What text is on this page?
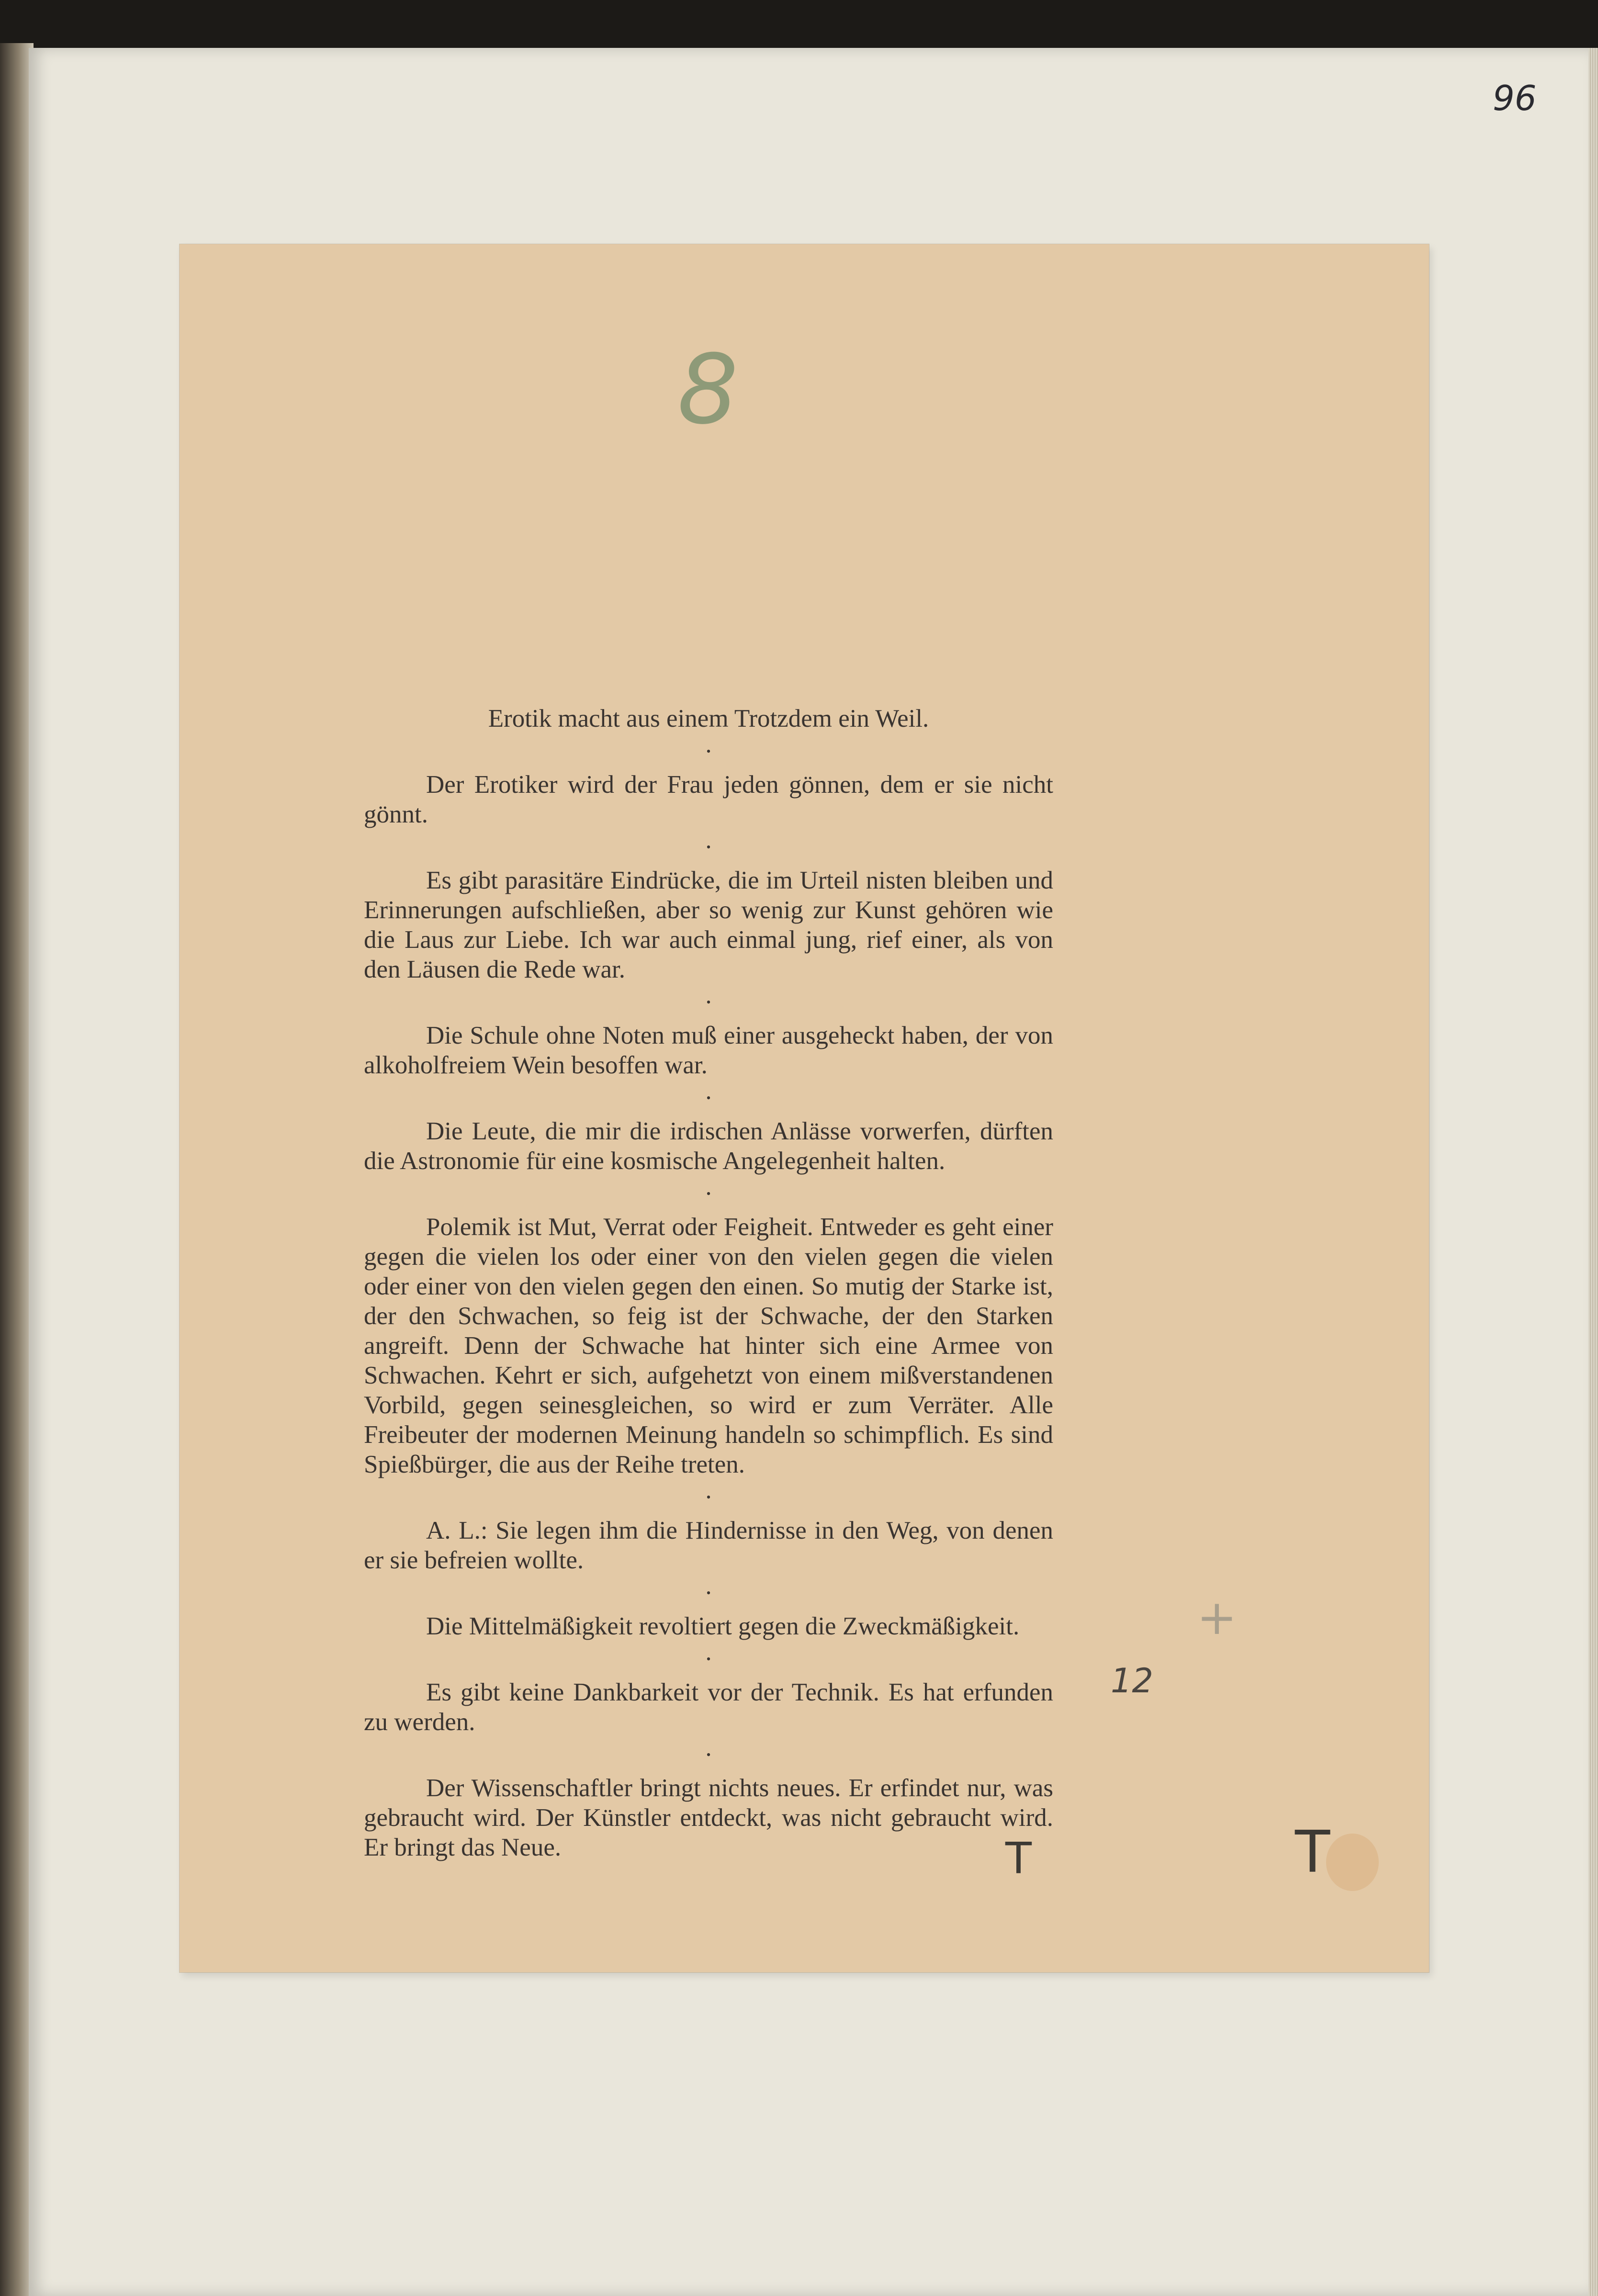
96
8

Erotik macht aus einem Trotzdem ein Weil.

•

Der Erotiker wird der Frau jeden gönnen, dem er sie nicht gönnt.

•

Es gibt parasitäre Eindrücke, die im Urteil nisten bleiben und Erinnerungen aufschließen, aber so wenig zur Kunst gehören wie die Laus zur Liebe. Ich war auch einmal jung, rief einer, als von den Läusen die Rede war.

•

Die Schule ohne Noten muß einer ausgeheckt haben, der von alkoholfreiem Wein besoffen war.

•

Die Leute, die mir die irdischen Anlässe vorwerfen, dürften die Astronomie für eine kosmische Angelegenheit halten.

•

Polemik ist Mut, Verrat oder Feigheit. Entweder es geht einer gegen die vielen los oder einer von den vielen gegen die vielen oder einer von den vielen gegen den einen. So mutig der Starke ist, der den Schwachen, so feig ist der Schwache, der den Starken angreift. Denn der Schwache hat hinter sich eine Armee von Schwachen. Kehrt er sich, aufgehetzt von einem mißverstandenen Vorbild, gegen seinesgleichen, so wird er zum Verräter. Alle Freibeuter der modernen Meinung handeln so schimpflich. Es sind Spießbürger, die aus der Reihe treten.

•

A. L.: Sie legen ihm die Hindernisse in den Weg, von denen er sie befreien wollte.

•

Die Mittelmäßigkeit revoltiert gegen die Zweckmäßigkeit.

•

Es gibt keine Dankbarkeit vor der Technik. Es hat erfunden zu werden.

•

Der Wissenschaftler bringt nichts neues. Er erfindet nur, was gebraucht wird. Der Künstler entdeckt, was nicht gebraucht wird. Er bringt das Neue.

+
12
T
T
